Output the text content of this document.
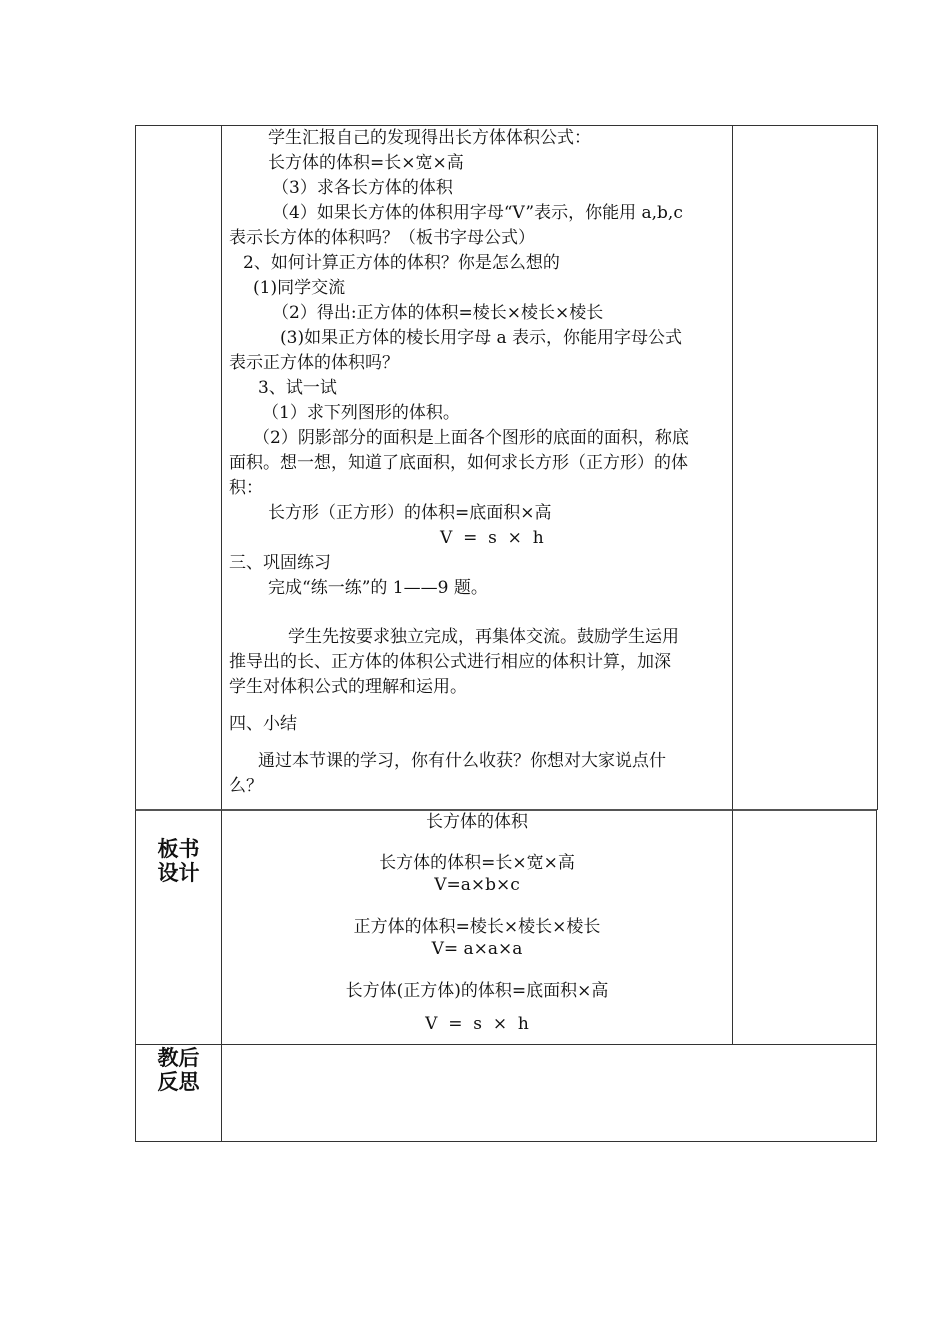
学生汇报自己的发现得出长方体体积公式：
长方体的体积=长×宽×高
（3）求各长方体的体积
（4）如果长方体的体积用字母“V”表示，你能用 a,b,c
表示长方体的体积吗？（板书字母公式）
2、如何计算正方体的体积？你是怎么想的
(1)同学交流
（2）得出:正方体的体积=棱长×棱长×棱长
(3)如果正方体的棱长用字母 a 表示，你能用字母公式
表示正方体的体积吗？
3、试一试
（1）求下列图形的体积。
（2）阴影部分的面积是上面各个图形的底面的面积，称底
面积。想一想，知道了底面积，如何求长方形（正方形）的体
积：
长方形（正方形）的体积=底面积×高
V  =  s  ×  h
三、巩固练习
完成“练一练”的 1——9 题。
学生先按要求独立完成，再集体交流。鼓励学生运用
推导出的长、正方体的体积公式进行相应的体积计算，加深
学生对体积公式的理解和运用。
四、小结
通过本节课的学习，你有什么收获？你想对大家说点什
么？
板书
设计
长方体的体积
长方体的体积=长×宽×高
V=a×b×c
正方体的体积=棱长×棱长×棱长
V= a×a×a
长方体(正方体)的体积=底面积×高
V  =  s  ×  h
教后
反思
